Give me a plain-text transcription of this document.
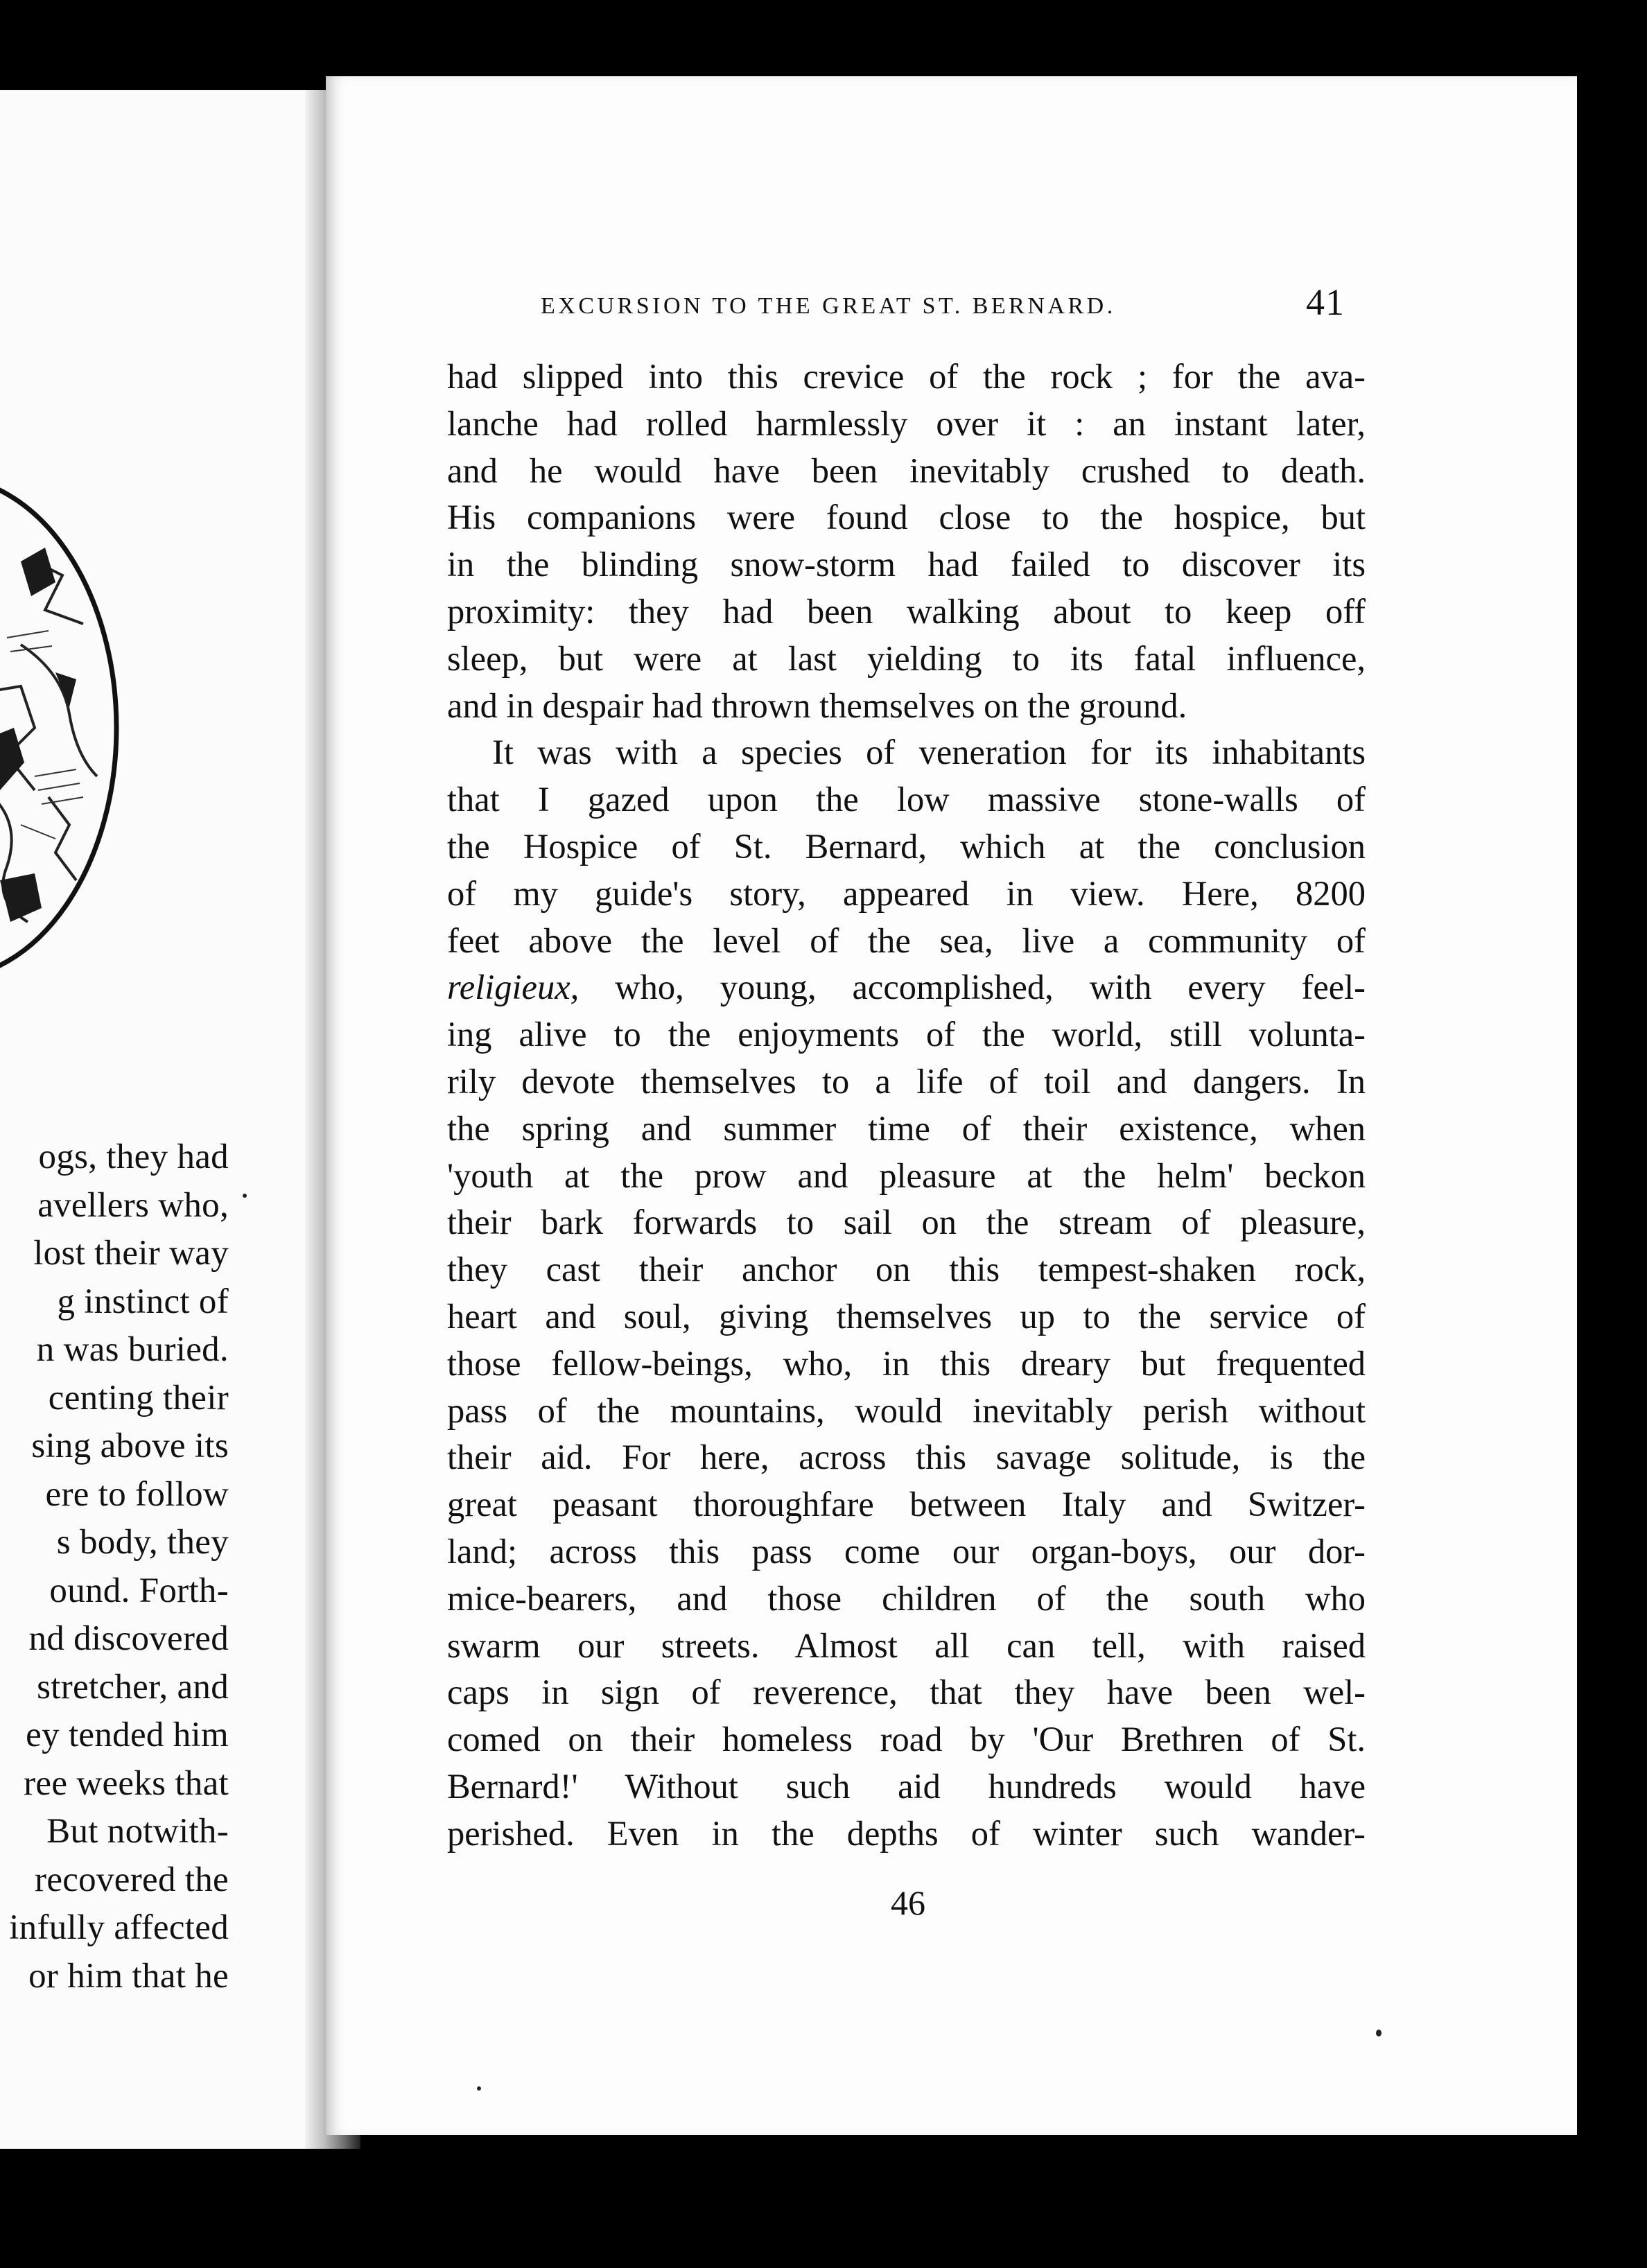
ogs, they had
avellers who,
lost their way
g instinct of
n was buried.
centing their
sing above its
ere to follow
s body, they
ound. Forth-
nd discovered
stretcher, and
ey tended him
ree weeks that
But notwith-
recovered the
infully affected
or him that he
EXCURSION TO THE GREAT ST. BERNARD.	41
had slipped into this crevice of the rock ; for the ava-
lanche had rolled harmlessly over it : an instant later,
and he would have been inevitably crushed to death.
His companions were found close to the hospice, but
in the blinding snow-storm had failed to discover its
proximity: they had been walking about to keep off
sleep, but were at last yielding to its fatal influence,
and in despair had thrown themselves on the ground.
It was with a species of veneration for its inhabitants
that I gazed upon the low massive stone-walls of
the Hospice of St. Bernard, which at the conclusion
of my guide's story, appeared in view. Here, 8200
feet above the level of the sea, live a community of
religieux, who, young, accomplished, with every feel-
ing alive to the enjoyments of the world, still volunta-
rily devote themselves to a life of toil and dangers. In
the spring and summer time of their existence, when
'youth at the prow and pleasure at the helm' beckon
their bark forwards to sail on the stream of pleasure,
they cast their anchor on this tempest-shaken rock,
heart and soul, giving themselves up to the service of
those fellow-beings, who, in this dreary but frequented
pass of the mountains, would inevitably perish without
their aid. For here, across this savage solitude, is the
great peasant thoroughfare between Italy and Switzer-
land; across this pass come our organ-boys, our dor-
mice-bearers, and those children of the south who
swarm our streets. Almost all can tell, with raised
caps in sign of reverence, that they have been wel-
comed on their homeless road by 'Our Brethren of St.
Bernard!' Without such aid hundreds would have
perished. Even in the depths of winter such wander-
46
